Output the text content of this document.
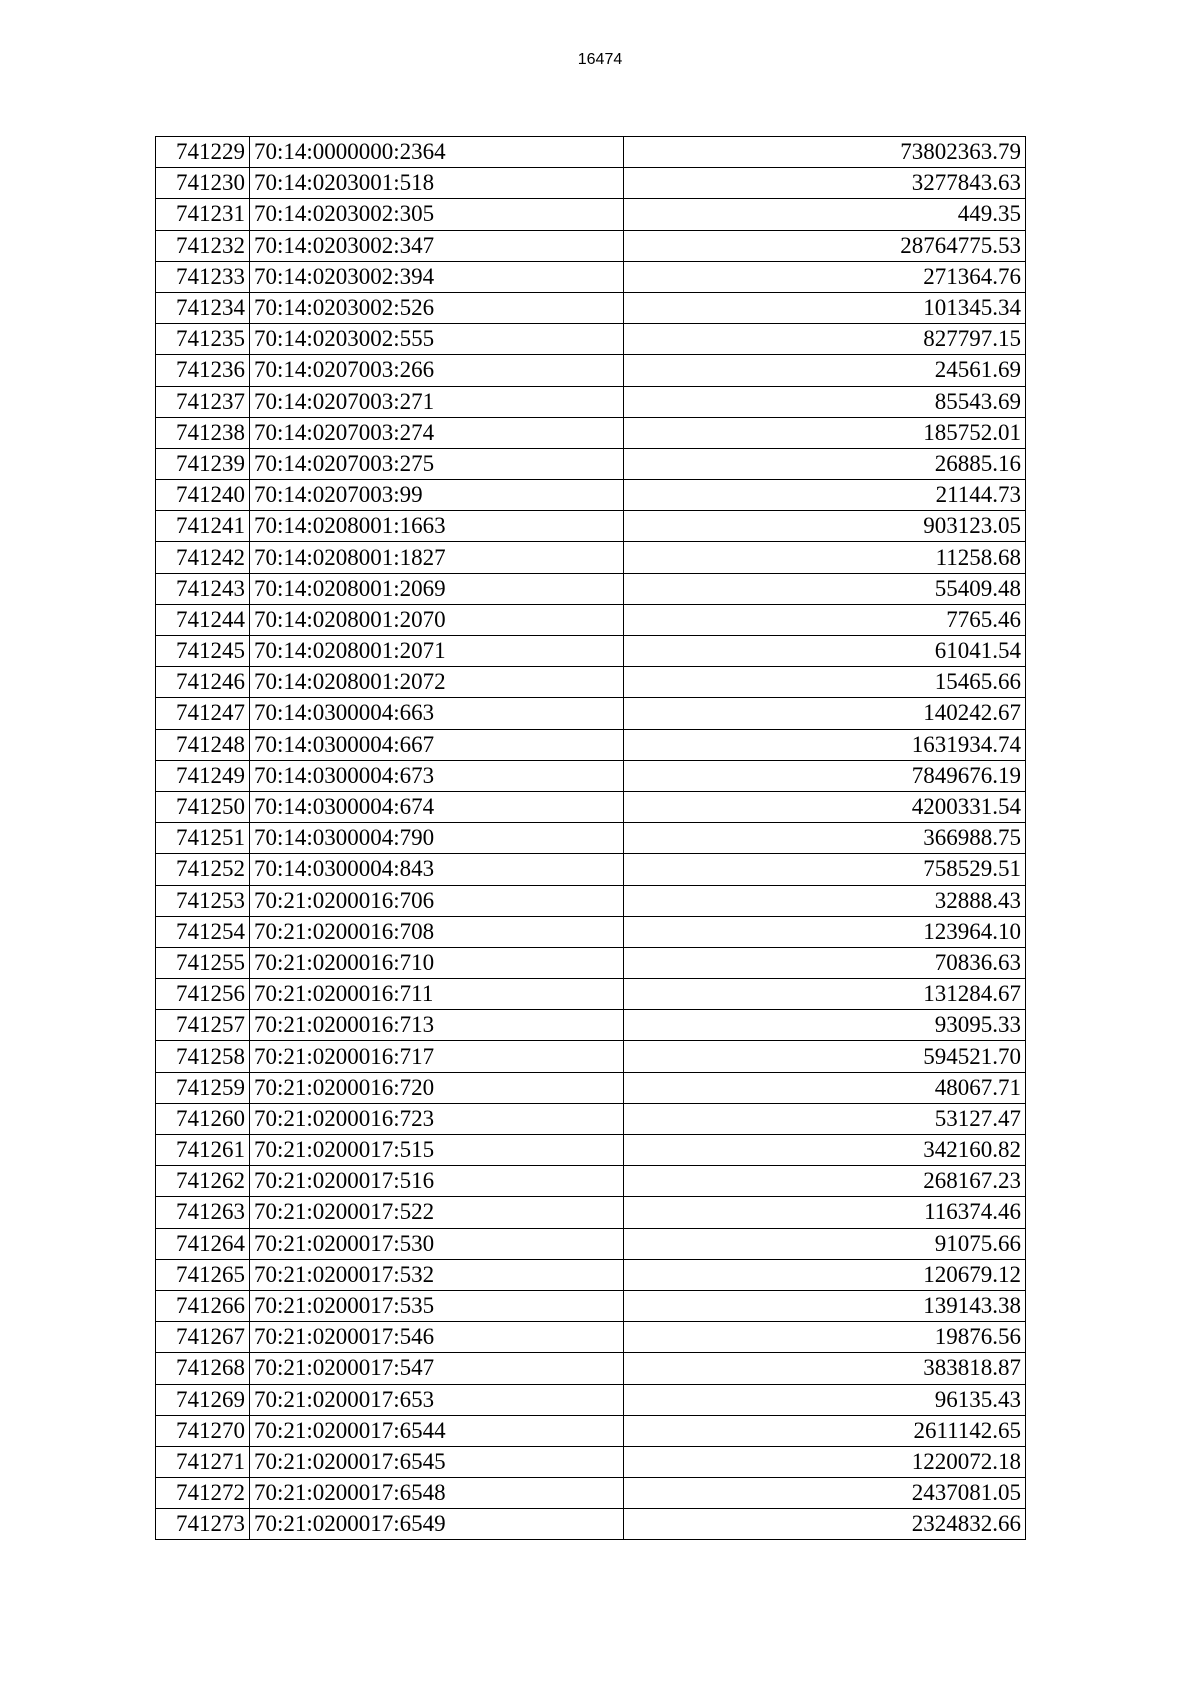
16474
741229	70:14:0000000:2364	73802363.79
741230	70:14:0203001:518	3277843.63
741231	70:14:0203002:305	449.35
741232	70:14:0203002:347	28764775.53
741233	70:14:0203002:394	271364.76
741234	70:14:0203002:526	101345.34
741235	70:14:0203002:555	827797.15
741236	70:14:0207003:266	24561.69
741237	70:14:0207003:271	85543.69
741238	70:14:0207003:274	185752.01
741239	70:14:0207003:275	26885.16
741240	70:14:0207003:99	21144.73
741241	70:14:0208001:1663	903123.05
741242	70:14:0208001:1827	11258.68
741243	70:14:0208001:2069	55409.48
741244	70:14:0208001:2070	7765.46
741245	70:14:0208001:2071	61041.54
741246	70:14:0208001:2072	15465.66
741247	70:14:0300004:663	140242.67
741248	70:14:0300004:667	1631934.74
741249	70:14:0300004:673	7849676.19
741250	70:14:0300004:674	4200331.54
741251	70:14:0300004:790	366988.75
741252	70:14:0300004:843	758529.51
741253	70:21:0200016:706	32888.43
741254	70:21:0200016:708	123964.10
741255	70:21:0200016:710	70836.63
741256	70:21:0200016:711	131284.67
741257	70:21:0200016:713	93095.33
741258	70:21:0200016:717	594521.70
741259	70:21:0200016:720	48067.71
741260	70:21:0200016:723	53127.47
741261	70:21:0200017:515	342160.82
741262	70:21:0200017:516	268167.23
741263	70:21:0200017:522	116374.46
741264	70:21:0200017:530	91075.66
741265	70:21:0200017:532	120679.12
741266	70:21:0200017:535	139143.38
741267	70:21:0200017:546	19876.56
741268	70:21:0200017:547	383818.87
741269	70:21:0200017:653	96135.43
741270	70:21:0200017:6544	2611142.65
741271	70:21:0200017:6545	1220072.18
741272	70:21:0200017:6548	2437081.05
741273	70:21:0200017:6549	2324832.66
